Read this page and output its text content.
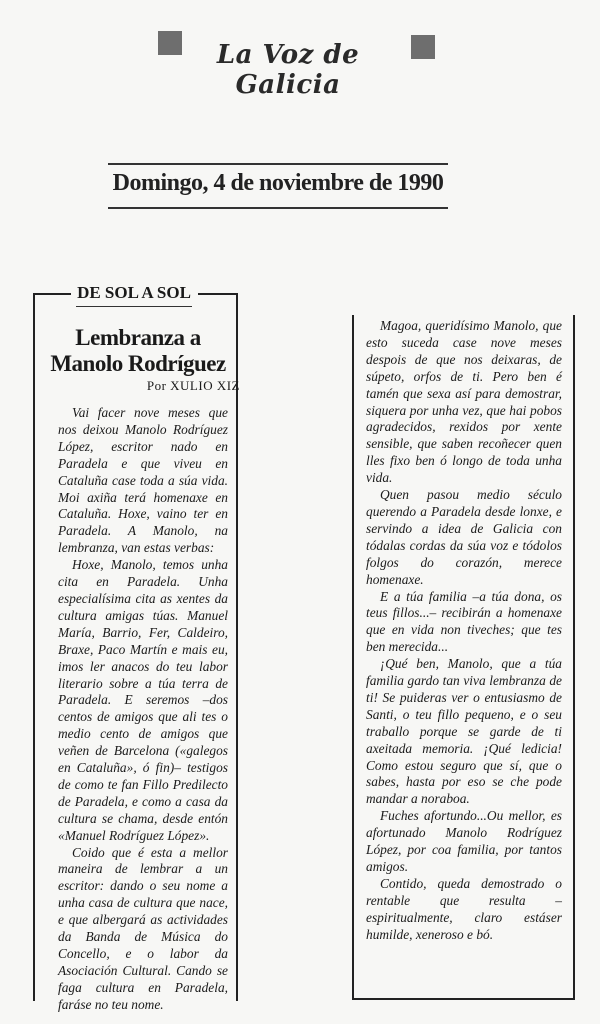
La Voz de Galicia
Domingo, 4 de noviembre de 1990
DE SOL A SOL
Lembranza a
Manolo Rodríguez
Por XULIO XIZ

Vai facer nove meses que nos deixou Manolo Rodríguez López, escritor nado en Paradela e que viveu en Cataluña case toda a súa vida. Moi axiña terá homenaxe en Cataluña. Hoxe, vaino ter en Paradela. A Manolo, na lembranza, van estas verbas:

Hoxe, Manolo, temos unha cita en Paradela. Unha especialísima cita as xentes da cultura amigas túas. Manuel María, Barrio, Fer, Caldeiro, Braxe, Paco Martín e mais eu, imos ler anacos do teu labor literario sobre a túa terra de Paradela. E seremos –dos centos de amigos que ali tes o medio cento de amigos que veñen de Barcelona («galegos en Cataluña», ó fin)– testigos de como te fan Fillo Predilecto de Paradela, e como a casa da cultura se chama, desde entón «Manuel Rodríguez López».

Coido que é esta a mellor maneira de lembrar a un escritor: dando o seu nome a unha casa de cultura que nace, e que albergará as actividades da Banda de Música do Concello, e o labor da Asociación Cultural. Cando se faga cultura en Paradela, faráse no teu nome.

Magoa, queridísimo Manolo, que esto suceda case nove meses despois de que nos deixaras, de súpeto, orfos de ti. Pero ben é tamén que sexa así para demostrar, siquera por unha vez, que hai pobos agradecidos, rexidos por xente sensible, que saben recoñecer quen lles fixo ben ó longo de toda unha vida.

Quen pasou medio século querendo a Paradela desde lonxe, e servindo a idea de Galicia con tódalas cordas da súa voz e tódolos folgos do corazón, merece homenaxe.

E a túa familia –a túa dona, os teus fillos...– recibirán a homenaxe que en vida non tiveches; que tes ben merecida...

¡Qué ben, Manolo, que a túa familia gardo tan viva lembranza de ti! Se puideras ver o entusiasmo de Santi, o teu fillo pequeno, e o seu traballo porque se garde de ti axeitada memoria. ¡Qué ledicia! Como estou seguro que sí, que o sabes, hasta por eso se che pode mandar a noraboa.

Fuches afortundo...Ou mellor, es afortunado Manolo Rodríguez López, por coa familia, por tantos amigos.

Contido, queda demostrado o rentable que resulta –espiritualmente, claro estáser humilde, xeneroso e bó.
